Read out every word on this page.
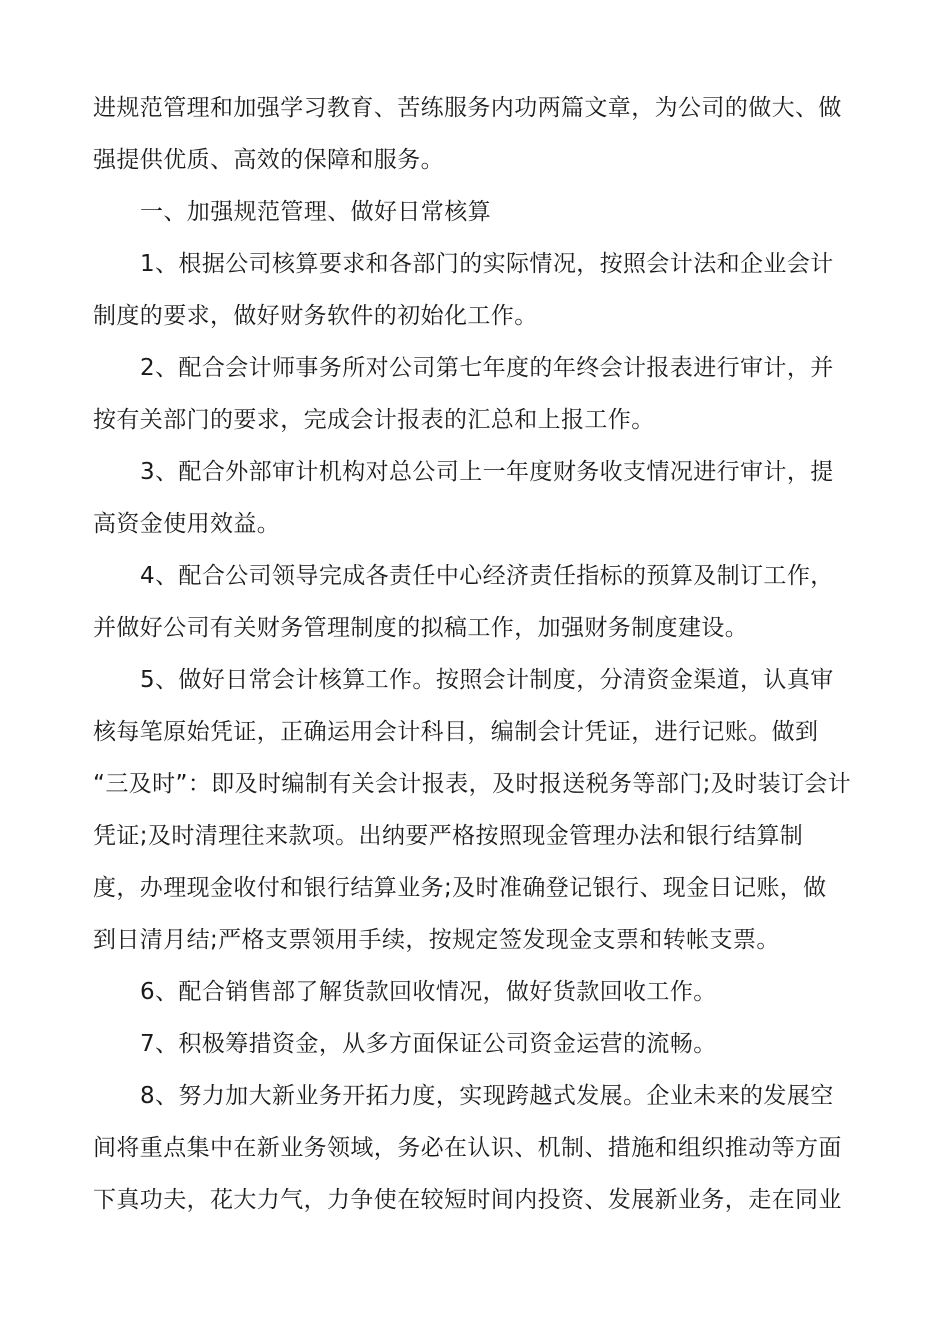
进规范管理和加强学习教育、苦练服务内功两篇文章，为公司的做大、做
强提供优质、高效的保障和服务。
一、加强规范管理、做好日常核算
1、根据公司核算要求和各部门的实际情况，按照会计法和企业会计
制度的要求，做好财务软件的初始化工作。
2、配合会计师事务所对公司第七年度的年终会计报表进行审计，并
按有关部门的要求，完成会计报表的汇总和上报工作。
3、配合外部审计机构对总公司上一年度财务收支情况进行审计，提
高资金使用效益。
4、配合公司领导完成各责任中心经济责任指标的预算及制订工作，
并做好公司有关财务管理制度的拟稿工作，加强财务制度建设。
5、做好日常会计核算工作。按照会计制度，分清资金渠道，认真审
核每笔原始凭证，正确运用会计科目，编制会计凭证，进行记账。做到
“三及时”：即及时编制有关会计报表，及时报送税务等部门;及时装订会计
凭证;及时清理往来款项。出纳要严格按照现金管理办法和银行结算制
度，办理现金收付和银行结算业务;及时准确登记银行、现金日记账，做
到日清月结;严格支票领用手续，按规定签发现金支票和转帐支票。
6、配合销售部了解货款回收情况，做好货款回收工作。
7、积极筹措资金，从多方面保证公司资金运营的流畅。
8、努力加大新业务开拓力度，实现跨越式发展。企业未来的发展空
间将重点集中在新业务领域，务必在认识、机制、措施和组织推动等方面
下真功夫，花大力气，力争使在较短时间内投资、发展新业务，走在同业
